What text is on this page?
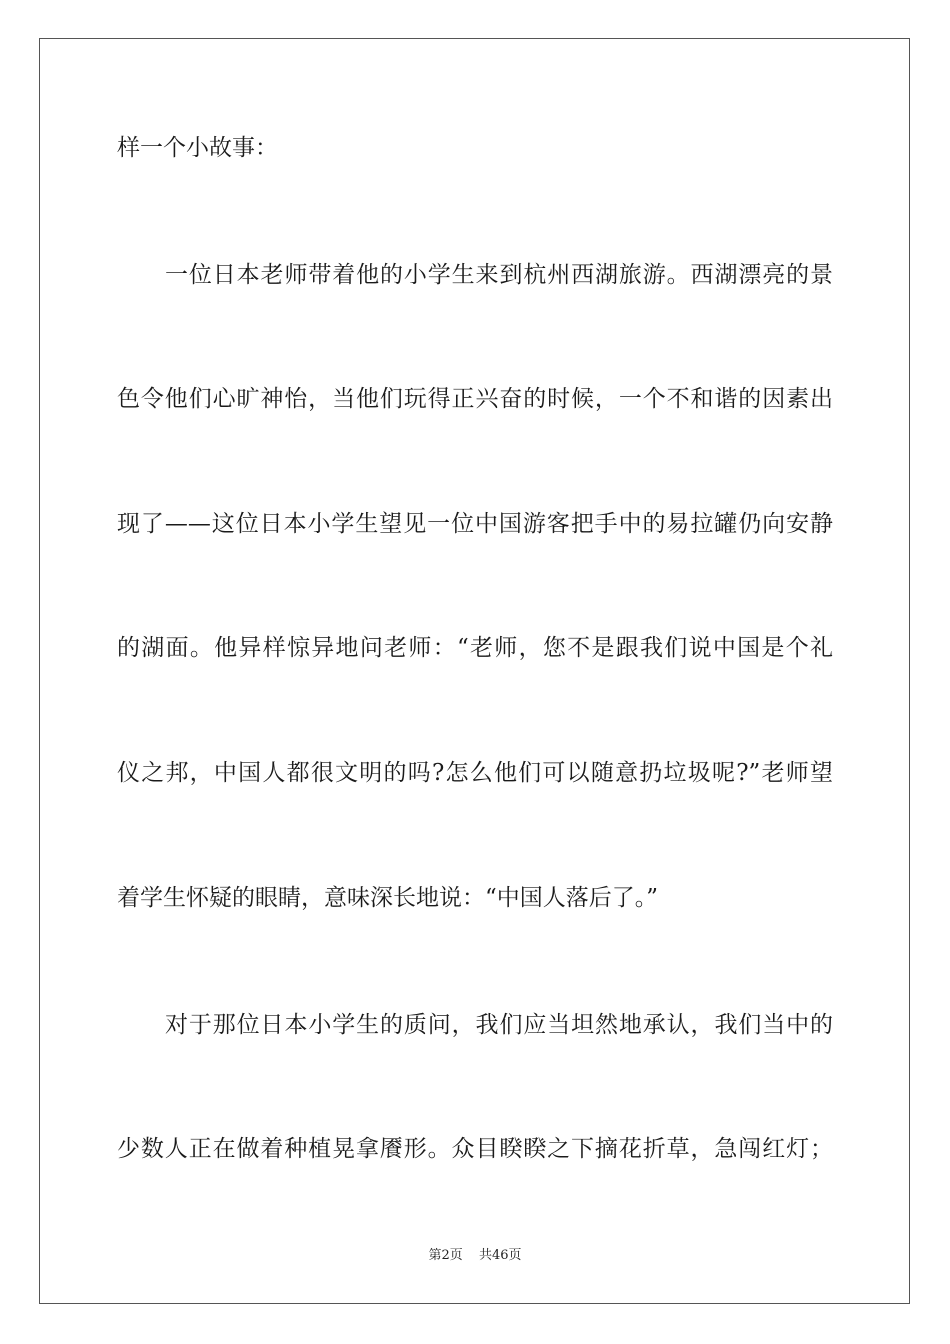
样一个小故事：
一位日本老师带着他的小学生来到杭州西湖旅游。西湖漂亮的景
色令他们心旷神怡，当他们玩得正兴奋的时候，一个不和谐的因素出
现了——这位日本小学生望见一位中国游客把手中的易拉罐仍向安静
的湖面。他异样惊异地问老师：“老师，您不是跟我们说中国是个礼
仪之邦，中国人都很文明的吗?怎么他们可以随意扔垃圾呢?”老师望
着学生怀疑的眼睛，意味深长地说：“中国人落后了。”
对于那位日本小学生的质问，我们应当坦然地承认，我们当中的
少数人正在做着种植晃拿餍形。众目睽睽之下摘花折草，急闯红灯；
第2页 共46页
